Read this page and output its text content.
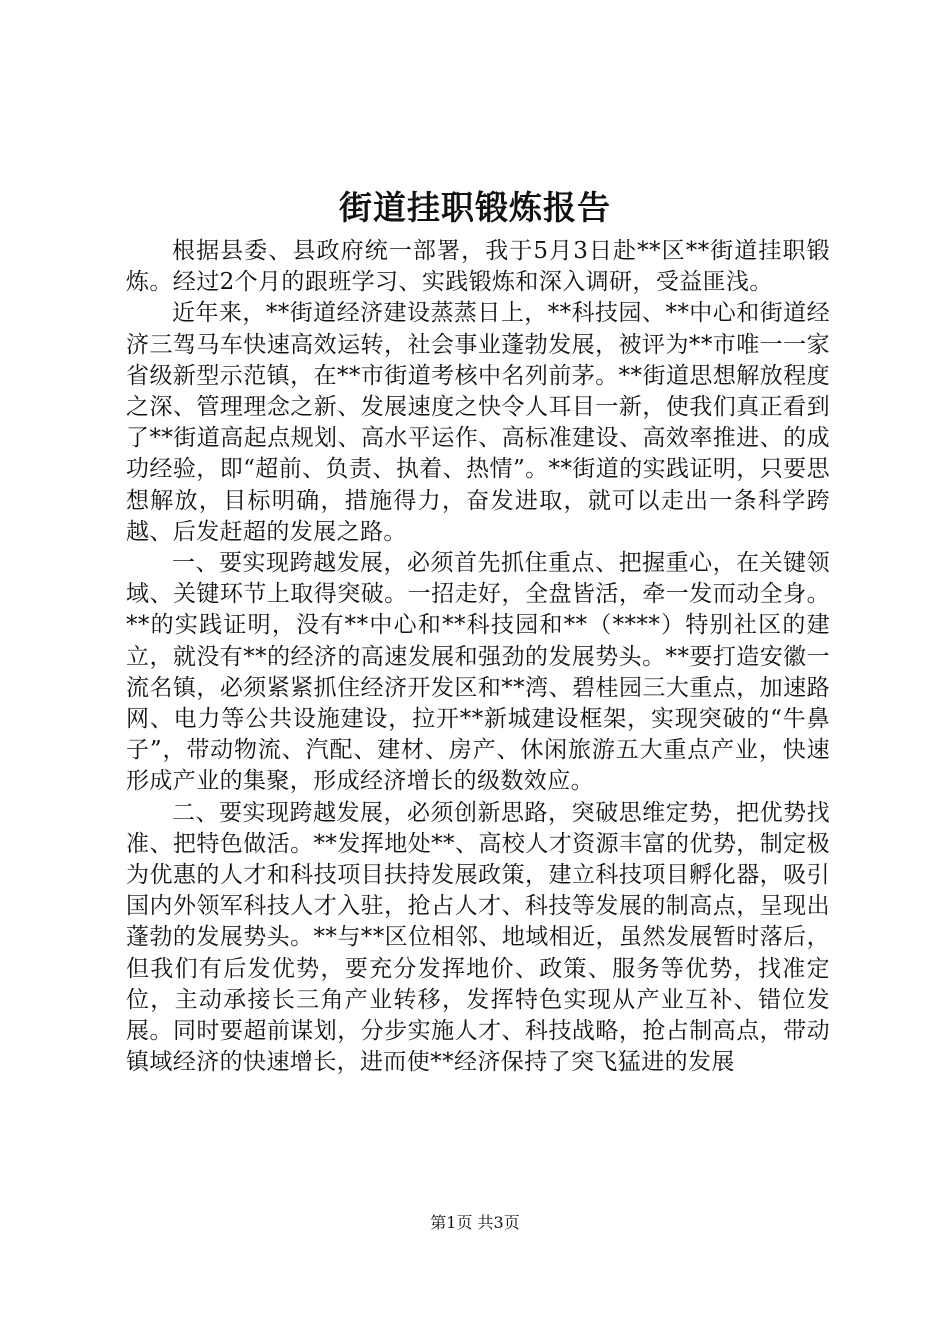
街道挂职锻炼报告

根据县委、县政府统一部署，我于5月3日赴**区**街道挂职锻炼。经过2个月的跟班学习、实践锻炼和深入调研，受益匪浅。

近年来，**街道经济建设蒸蒸日上，**科技园、**中心和街道经济三驾马车快速高效运转，社会事业蓬勃发展，被评为**市唯一一家省级新型示范镇，在**市街道考核中名列前茅。**街道思想解放程度之深、管理理念之新、发展速度之快令人耳目一新，使我们真正看到了**街道高起点规划、高水平运作、高标准建设、高效率推进、的成功经验，即“超前、负责、执着、热情”。**街道的实践证明，只要思想解放，目标明确，措施得力，奋发进取，就可以走出一条科学跨越、后发赶超的发展之路。

一、要实现跨越发展，必须首先抓住重点、把握重心，在关键领域、关键环节上取得突破。一招走好，全盘皆活，牵一发而动全身。**的实践证明，没有**中心和**科技园和**（****）特别社区的建立，就没有**的经济的高速发展和强劲的发展势头。**要打造安徽一流名镇，必须紧紧抓住经济开发区和**湾、碧桂园三大重点，加速路网、电力等公共设施建设，拉开**新城建设框架，实现突破的“牛鼻子”，带动物流、汽配、建材、房产、休闲旅游五大重点产业，快速形成产业的集聚，形成经济增长的级数效应。

二、要实现跨越发展，必须创新思路，突破思维定势，把优势找准、把特色做活。**发挥地处**、高校人才资源丰富的优势，制定极为优惠的人才和科技项目扶持发展政策，建立科技项目孵化器，吸引国内外领军科技人才入驻，抢占人才、科技等发展的制高点，呈现出蓬勃的发展势头。**与**区位相邻、地域相近，虽然发展暂时落后，但我们有后发优势，要充分发挥地价、政策、服务等优势，找准定位，主动承接长三角产业转移，发挥特色实现从产业互补、错位发展。同时要超前谋划，分步实施人才、科技战略，抢占制高点，带动镇域经济的快速增长，进而使**经济保持了突飞猛进的发展

第1页 共3页
